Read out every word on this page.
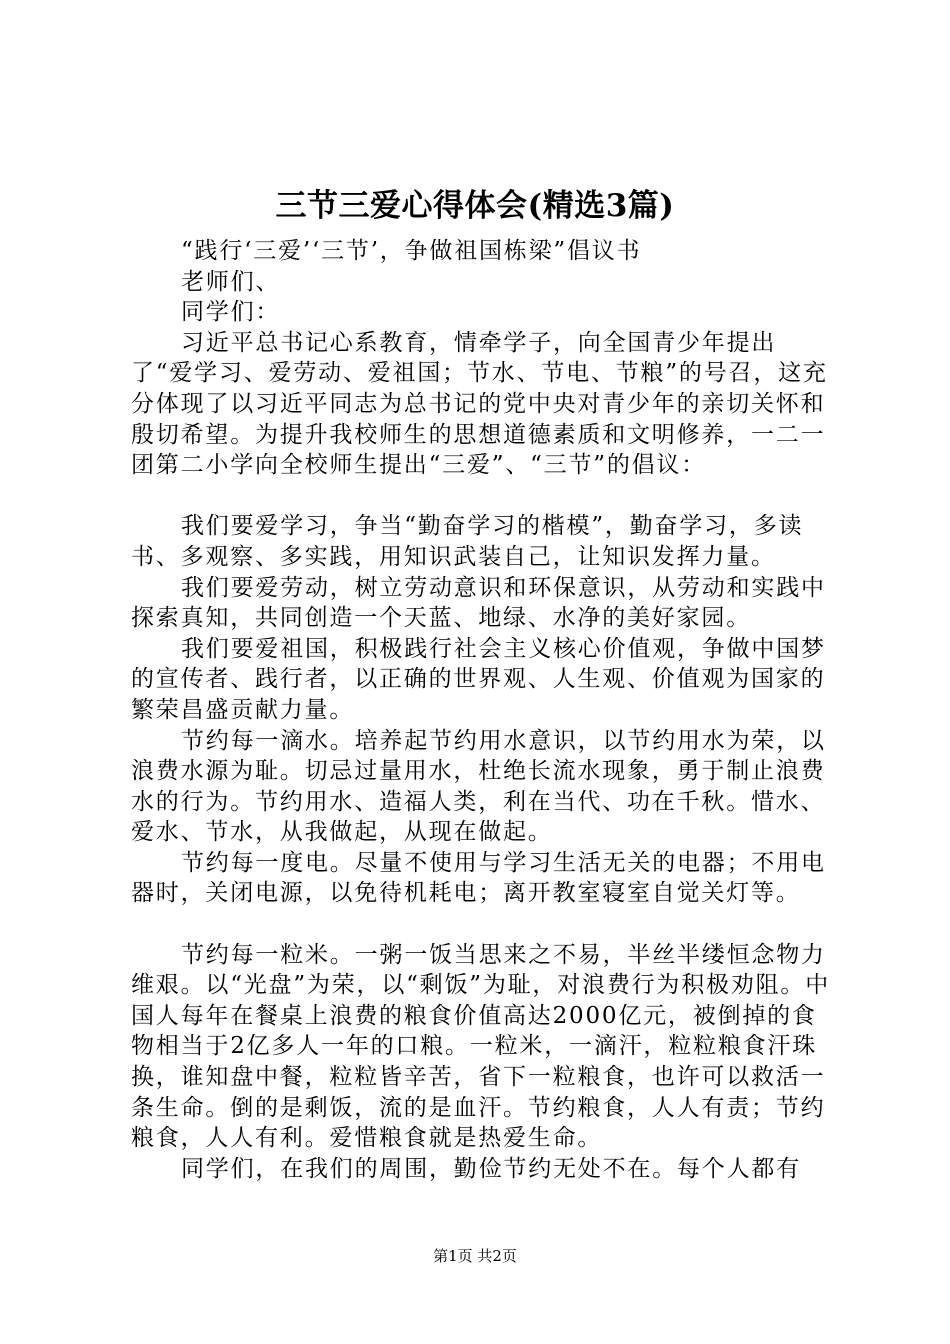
三节三爱心得体会(精选3篇)

“践行‘三爱’‘三节’，争做祖国栋梁”倡议书

老师们、

同学们：

习近平总书记心系教育，情牵学子，向全国青少年提出了“爱学习、爱劳动、爱祖国；节水、节电、节粮”的号召，这充分体现了以习近平同志为总书记的党中央对青少年的亲切关怀和殷切希望。为提升我校师生的思想道德素质和文明修养，一二一团第二小学向全校师生提出“三爱”、“三节”的倡议：

我们要爱学习，争当“勤奋学习的楷模”，勤奋学习，多读书、多观察、多实践，用知识武装自己，让知识发挥力量。

我们要爱劳动，树立劳动意识和环保意识，从劳动和实践中探索真知，共同创造一个天蓝、地绿、水净的美好家园。

我们要爱祖国，积极践行社会主义核心价值观，争做中国梦的宣传者、践行者，以正确的世界观、人生观、价值观为国家的繁荣昌盛贡献力量。

节约每一滴水。培养起节约用水意识，以节约用水为荣，以浪费水源为耻。切忌过量用水，杜绝长流水现象，勇于制止浪费水的行为。节约用水、造福人类，利在当代、功在千秋。惜水、爱水、节水，从我做起，从现在做起。

节约每一度电。尽量不使用与学习生活无关的电器；不用电器时，关闭电源，以免待机耗电；离开教室寝室自觉关灯等。

节约每一粒米。一粥一饭当思来之不易，半丝半缕恒念物力维艰。以“光盘”为荣，以“剩饭”为耻，对浪费行为积极劝阻。中国人每年在餐桌上浪费的粮食价值高达2000亿元，被倒掉的食物相当于2亿多人一年的口粮。一粒米，一滴汗，粒粒粮食汗珠换，谁知盘中餐，粒粒皆辛苦，省下一粒粮食，也许可以救活一条生命。倒的是剩饭，流的是血汗。节约粮食，人人有责；节约粮食，人人有利。爱惜粮食就是热爱生命。

同学们，在我们的周围，勤俭节约无处不在。每个人都有

第1页 共2页
